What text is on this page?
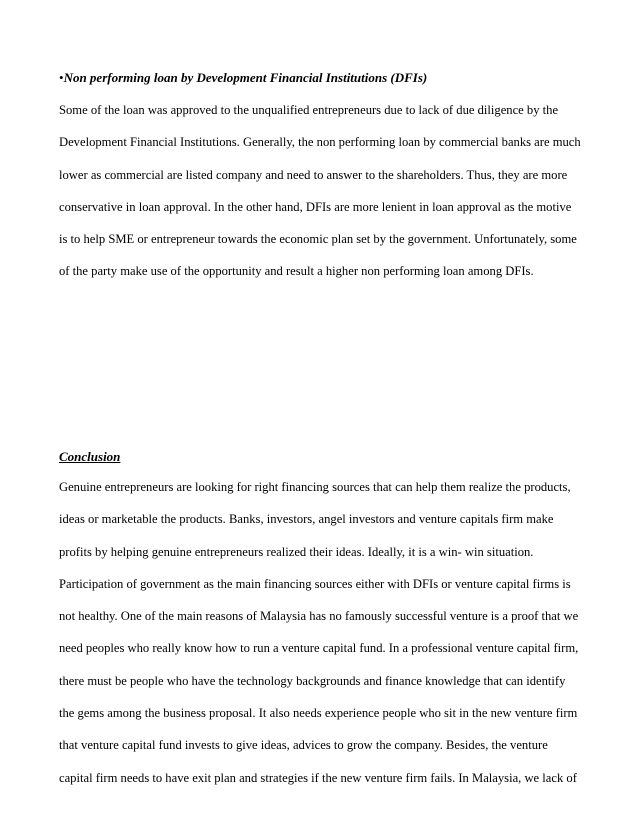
•Non performing loan by Development Financial Institutions (DFIs)
Some of the loan was approved to the unqualified entrepreneurs due to lack of due diligence by the
Development Financial Institutions. Generally, the non performing loan by commercial banks are much
lower as commercial are listed company and need to answer to the shareholders. Thus, they are more
conservative in loan approval. In the other hand, DFIs are more lenient in loan approval as the motive
is to help SME or entrepreneur towards the economic plan set by the government. Unfortunately, some
of the party make use of the opportunity and result a higher non performing loan among DFIs.
Conclusion
Genuine entrepreneurs are looking for right financing sources that can help them realize the products,
ideas or marketable the products. Banks, investors, angel investors and venture capitals firm make
profits by helping genuine entrepreneurs realized their ideas. Ideally, it is a win- win situation.
Participation of government as the main financing sources either with DFIs or venture capital firms is
not healthy. One of the main reasons of Malaysia has no famously successful venture is a proof that we
need peoples who really know how to run a venture capital fund. In a professional venture capital firm,
there must be people who have the technology backgrounds and finance knowledge that can identify
the gems among the business proposal. It also needs experience people who sit in the new venture firm
that venture capital fund invests to give ideas, advices to grow the company. Besides, the venture
capital firm needs to have exit plan and strategies if the new venture firm fails. In Malaysia, we lack of
